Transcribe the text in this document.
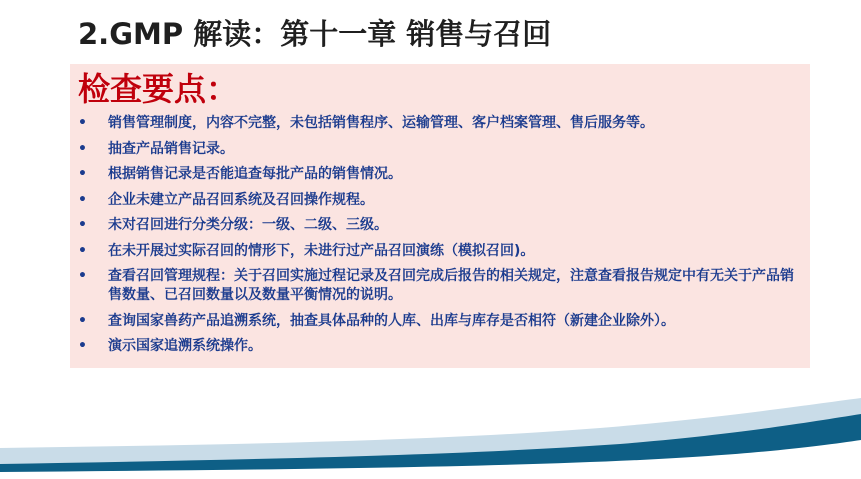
2.GMP 解读：第十一章 销售与召回
检查要点：
• 销售管理制度，内容不完整，未包括销售程序、运输管理、客户档案管理、售后服务等。
• 抽查产品销售记录。
• 根据销售记录是否能追查每批产品的销售情况。
• 企业未建立产品召回系统及召回操作规程。
• 未对召回进行分类分级：一级、二级、三级。
• 在未开展过实际召回的情形下，未进行过产品召回演练（模拟召回)。
• 查看召回管理规程：关于召回实施过程记录及召回完成后报告的相关规定，注意查看报告规定中有无关于产品销售数量、已召回数量以及数量平衡情况的说明。
• 查询国家兽药产品追溯系统，抽查具体品种的人库、出库与库存是否相符（新建企业除外）。
• 演示国家追溯系统操作。
